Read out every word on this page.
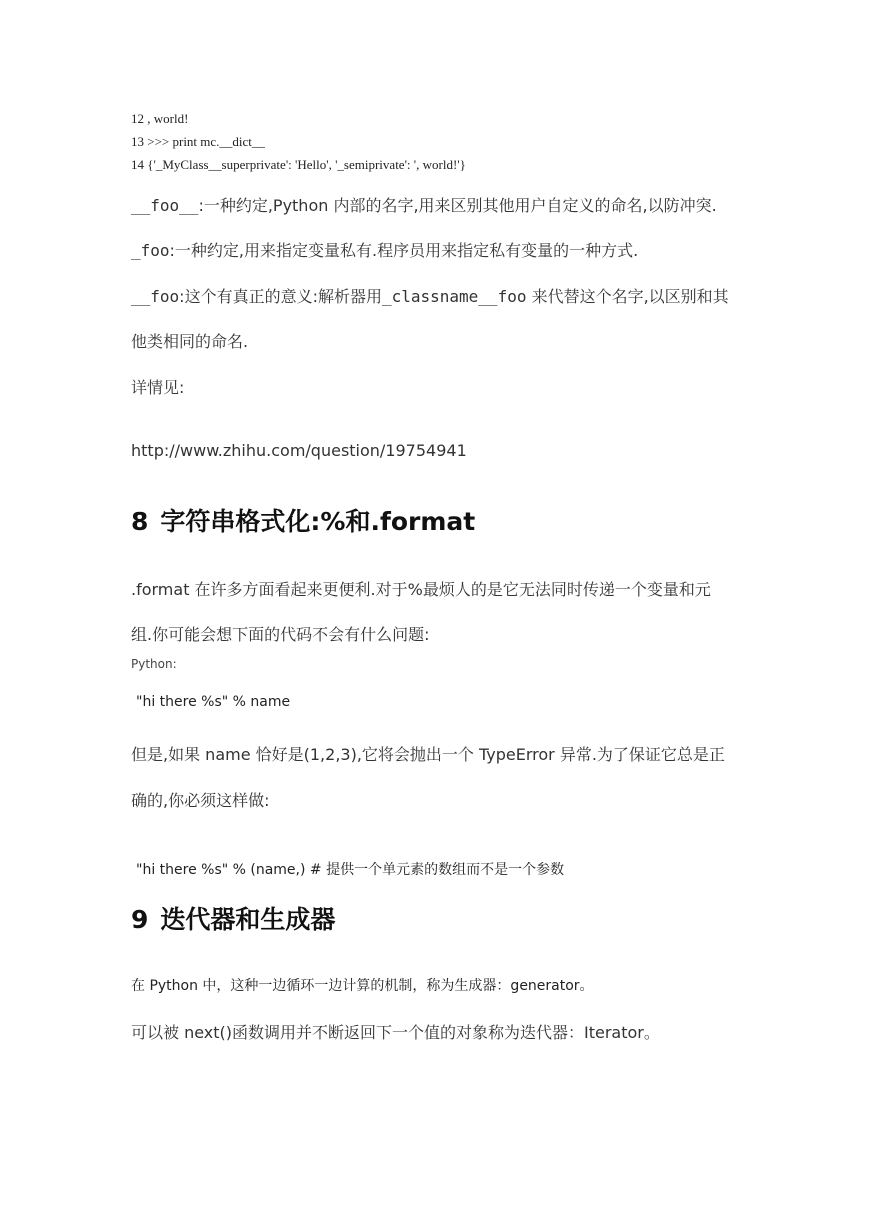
12 , world!
13 >>> print mc.__dict__
14 {'_MyClass__superprivate': 'Hello', '_semiprivate': ', world!'}
__foo__:一种约定,Python 内部的名字,用来区别其他用户自定义的命名,以防冲突.
_foo:一种约定,用来指定变量私有.程序员用来指定私有变量的一种方式.
__foo:这个有真正的意义:解析器用_classname__foo 来代替这个名字,以区别和其
他类相同的命名.
详情见:
http://www.zhihu.com/question/19754941
8 字符串格式化:%和.format
.format 在许多方面看起来更便利.对于%最烦人的是它无法同时传递一个变量和元
组.你可能会想下面的代码不会有什么问题:
Python:
"hi there %s" % name
但是,如果 name 恰好是(1,2,3),它将会抛出一个 TypeError 异常.为了保证它总是正
确的,你必须这样做:
"hi there %s" % (name,) # 提供一个单元素的数组而不是一个参数
9 迭代器和生成器
在 Python 中，这种一边循环一边计算的机制，称为生成器：generator。
可以被 next()函数调用并不断返回下一个值的对象称为迭代器：Iterator。
